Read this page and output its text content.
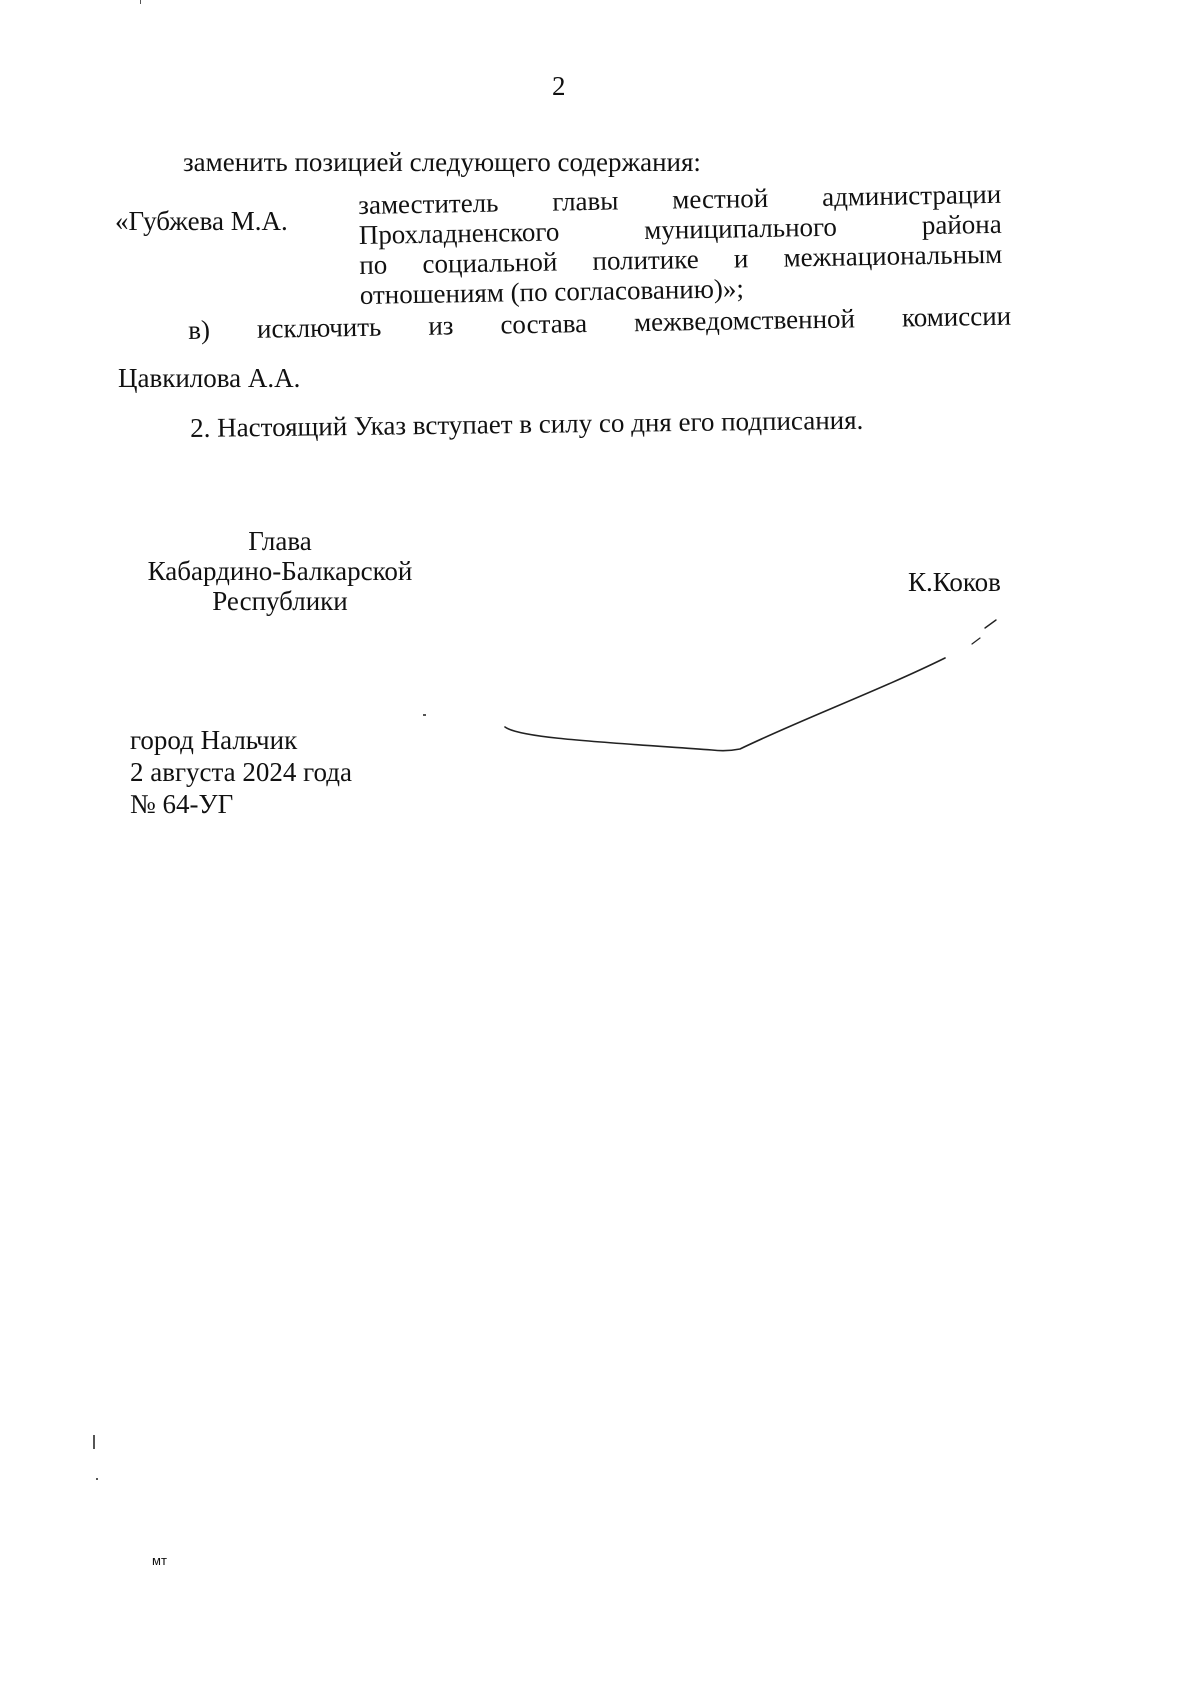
2
заменить позицией следующего содержания:
«Губжева М.А.
заместитель главы местной администрации
Прохладненского муниципального района
по социальной политике и межнациональным
отношениям (по согласованию)»;
в) исключить из состава межведомственной комиссии
Цавкилова А.А.
2. Настоящий Указ вступает в силу со дня его подписания.
Глава
Кабардино-Балкарской
Республики
К.Коков
город Нальчик
2 августа 2024 года
№ 64-УГ
мт
